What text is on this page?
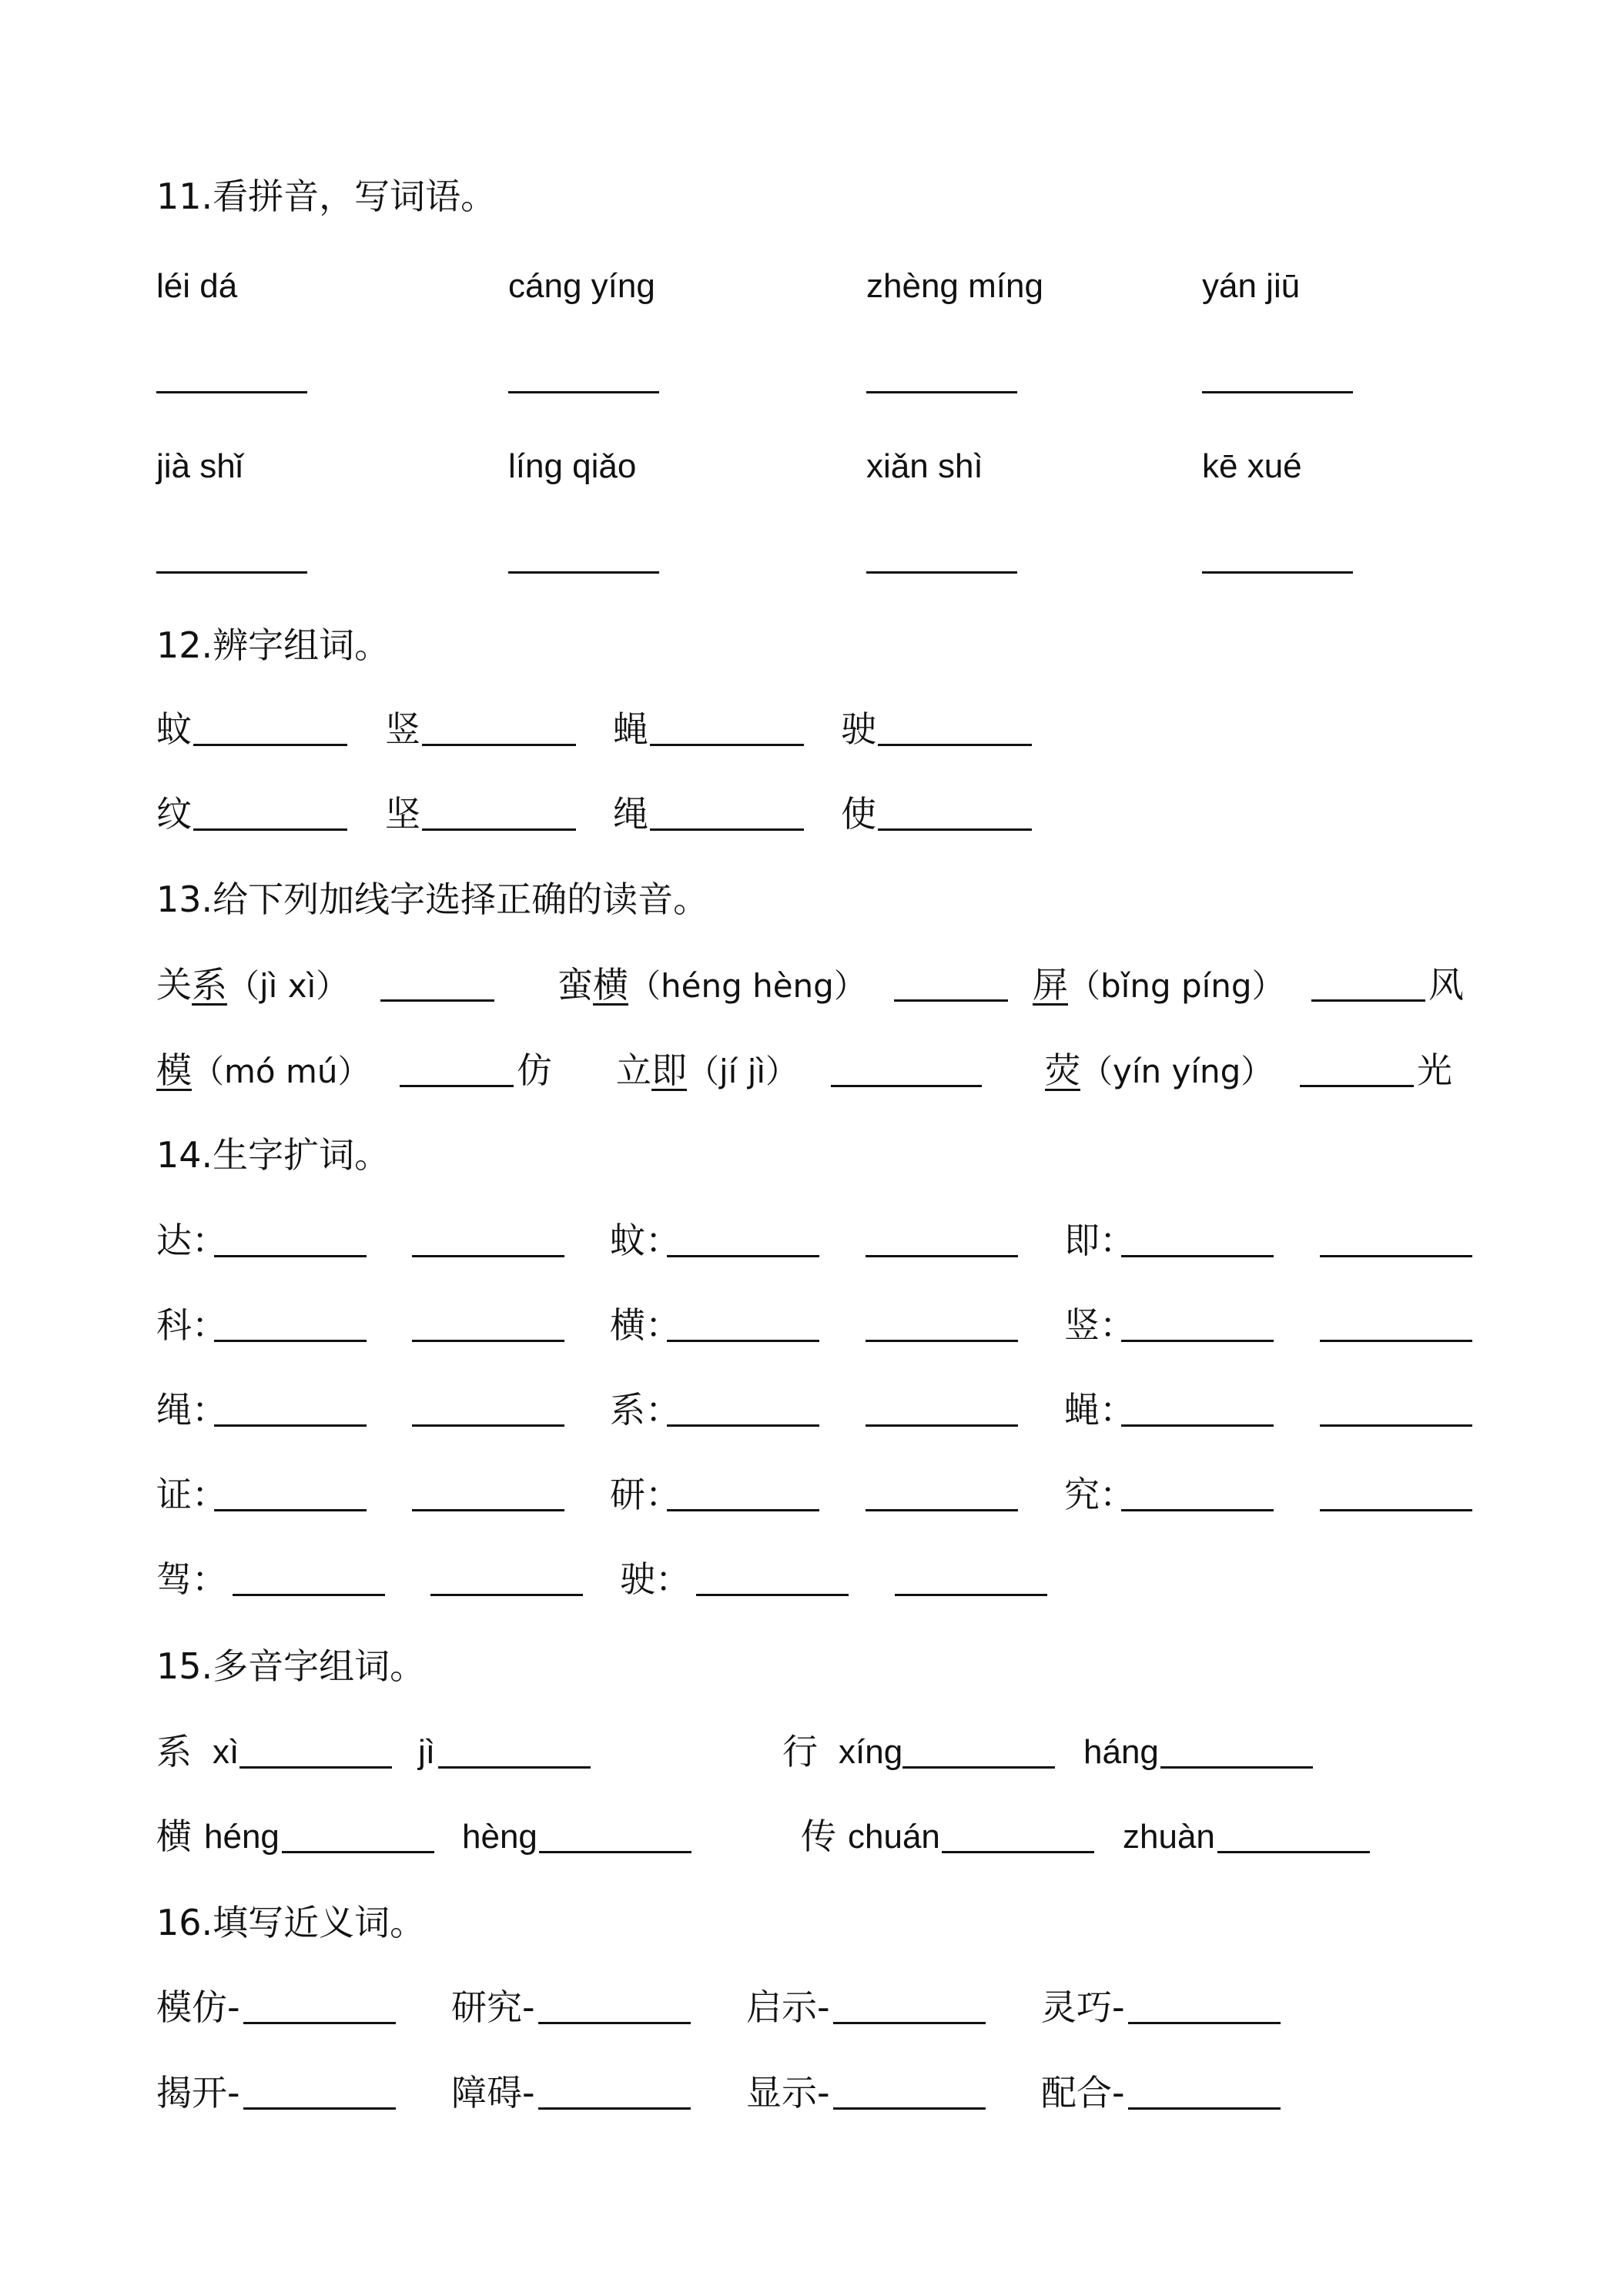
11.看拼音，写词语。
léi dá	cáng yíng	zhèng míng	yán jiū
jià shǐ	líng qiǎo	xiǎn shì	kē xué
12.辨字组词。
蚊	竖	蝇	驶
纹	坚	绳	使
13.给下列加线字选择正确的读音。
关系（jì xì）	蛮横（héng hèng）	屏（bǐng píng）	风
模（mó mú）	仿 立即（jí jì）	荧（yín yíng）	光
14.生字扩词。
达：	蚊：	即：
科：	横：	竖：
绳：	系：	蝇：
证：	研：	究：
驾：	驶：
15.多音字组词。
系 xì	jì	行 xíng	háng
横 héng	hèng	传 chuán	zhuàn
16.填写近义词。
模仿-	研究-	启示-	灵巧-
揭开-	障碍-	显示-	配合-
